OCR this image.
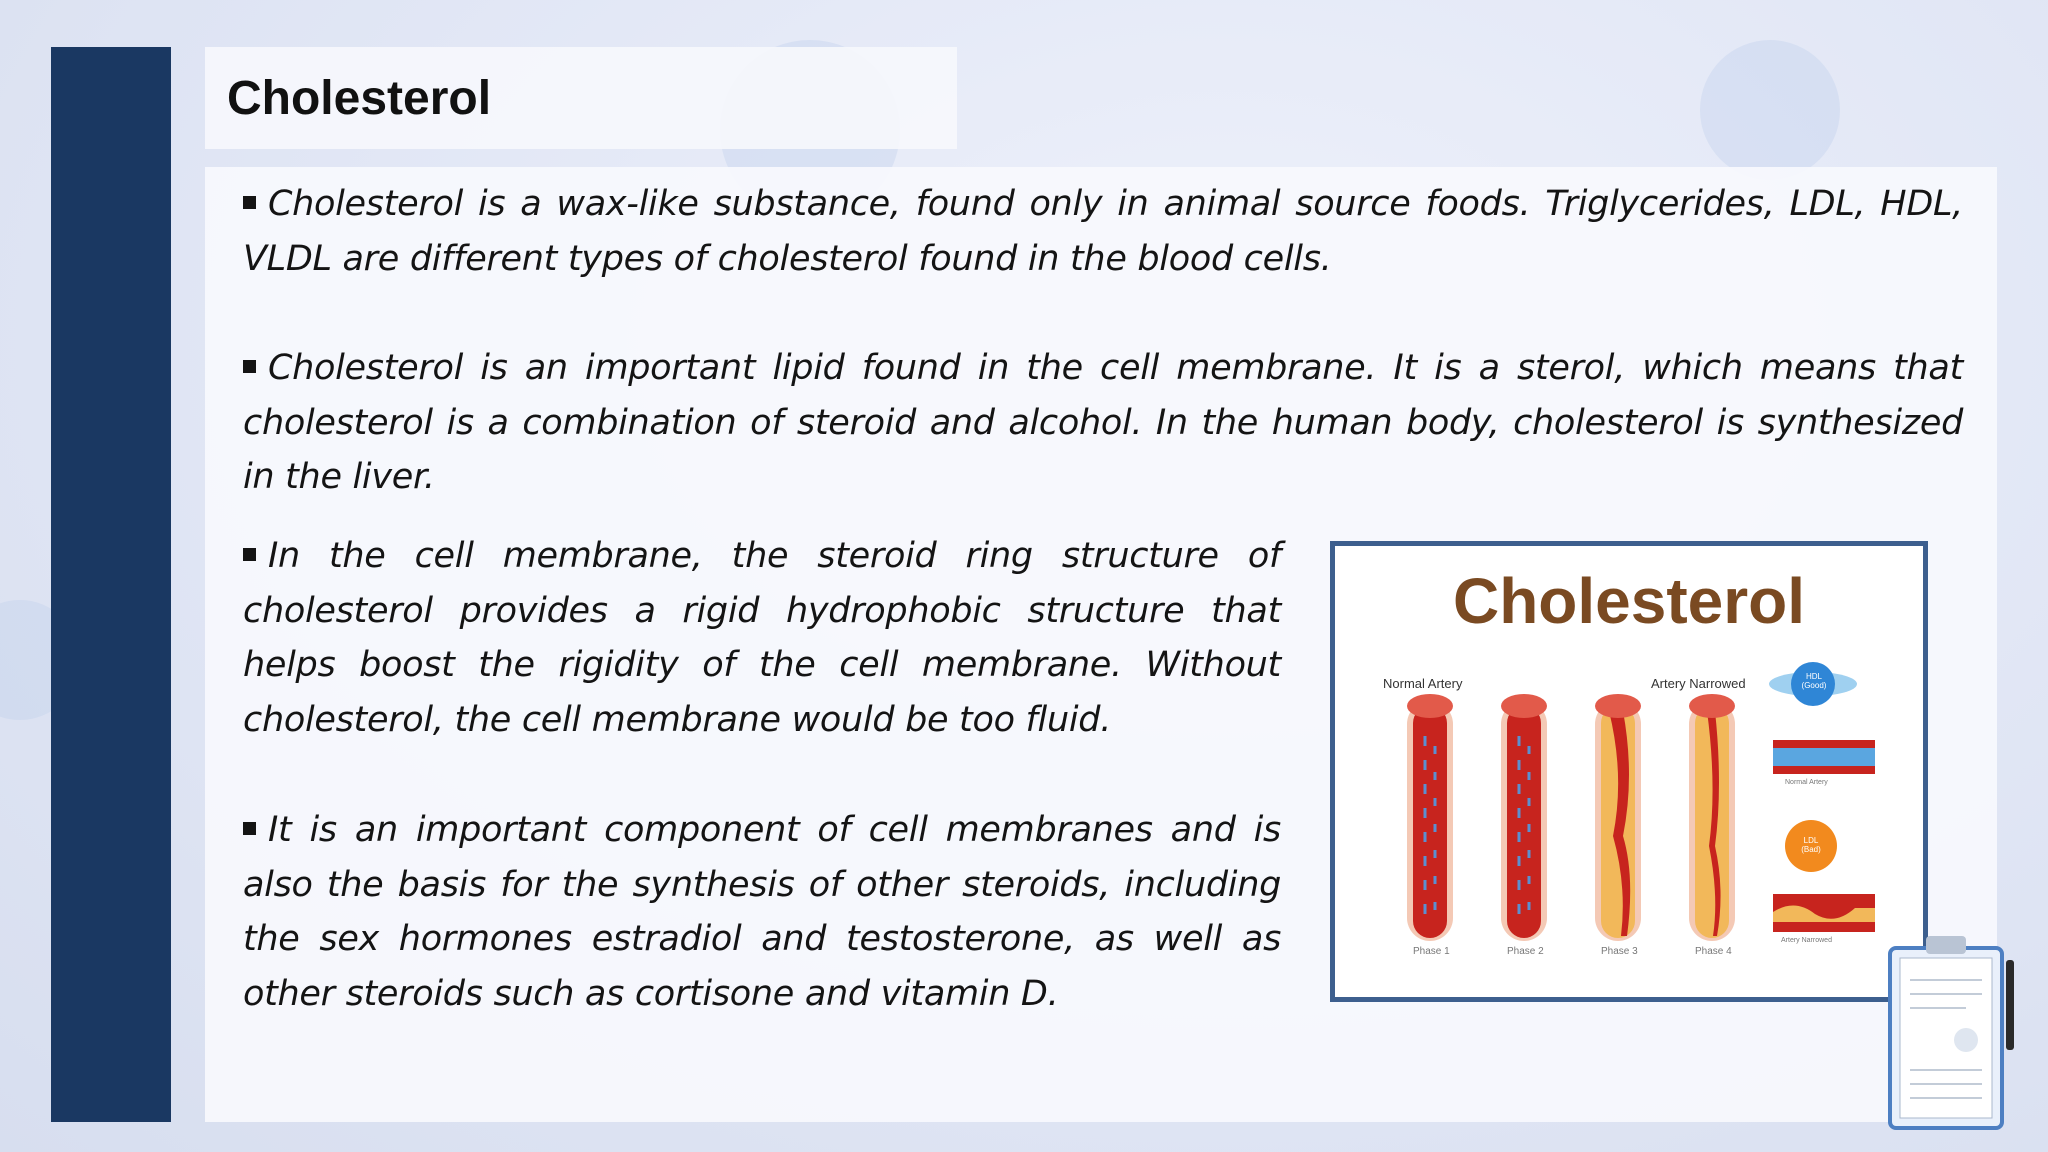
Cholesterol

Cholesterol is a wax-like substance, found only in animal source foods. Triglycerides, LDL, HDL, VLDL are different types of cholesterol found in the blood cells.

Cholesterol is an important lipid found in the cell membrane. It is a sterol, which means that cholesterol is a combination of steroid and alcohol. In the human body, cholesterol is synthesized in the liver.

In the cell membrane, the steroid ring structure of cholesterol provides a rigid hydrophobic structure that helps boost the rigidity of the cell membrane. Without cholesterol, the cell membrane would be too fluid.

It is an important component of cell membranes and is also the basis for the synthesis of other steroids, including the sex hormones estradiol and testosterone, as well as other steroids such as cortisone and vitamin D.

Cholesterol
Normal Artery	Artery Narrowed
Phase 1	Phase 2	Phase 3	Phase 4
HDL (Good)
LDL (Bad)
Normal Artery
Artery Narrowed
